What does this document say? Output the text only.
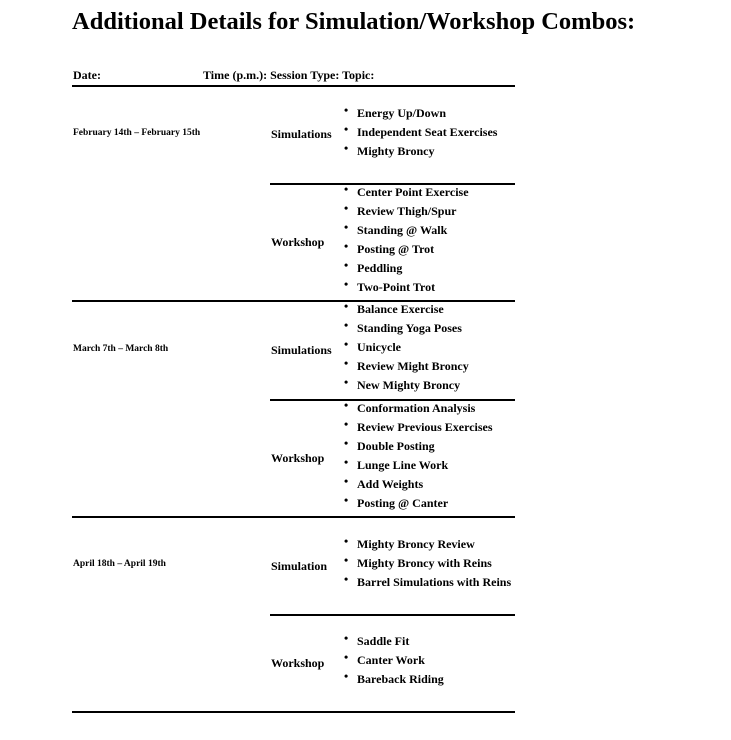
Additional Details for Simulation/Workshop Combos:
Date:	Time (p.m.): Session Type: Topic:
February 14th – February 15th	Simulations
• Energy Up/Down
• Independent Seat Exercises
• Mighty Broncy
Workshop
• Center Point Exercise
• Review Thigh/Spur
• Standing @ Walk
• Posting @ Trot
• Peddling
• Two-Point Trot
March 7th – March 8th	Simulations
• Balance Exercise
• Standing Yoga Poses
• Unicycle
• Review Might Broncy
• New Mighty Broncy
Workshop
• Conformation Analysis
• Review Previous Exercises
• Double Posting
• Lunge Line Work
• Add Weights
• Posting @ Canter
April 18th – April 19th	Simulation
• Mighty Broncy Review
• Mighty Broncy with Reins
• Barrel Simulations with Reins
Workshop
• Saddle Fit
• Canter Work
• Bareback Riding
